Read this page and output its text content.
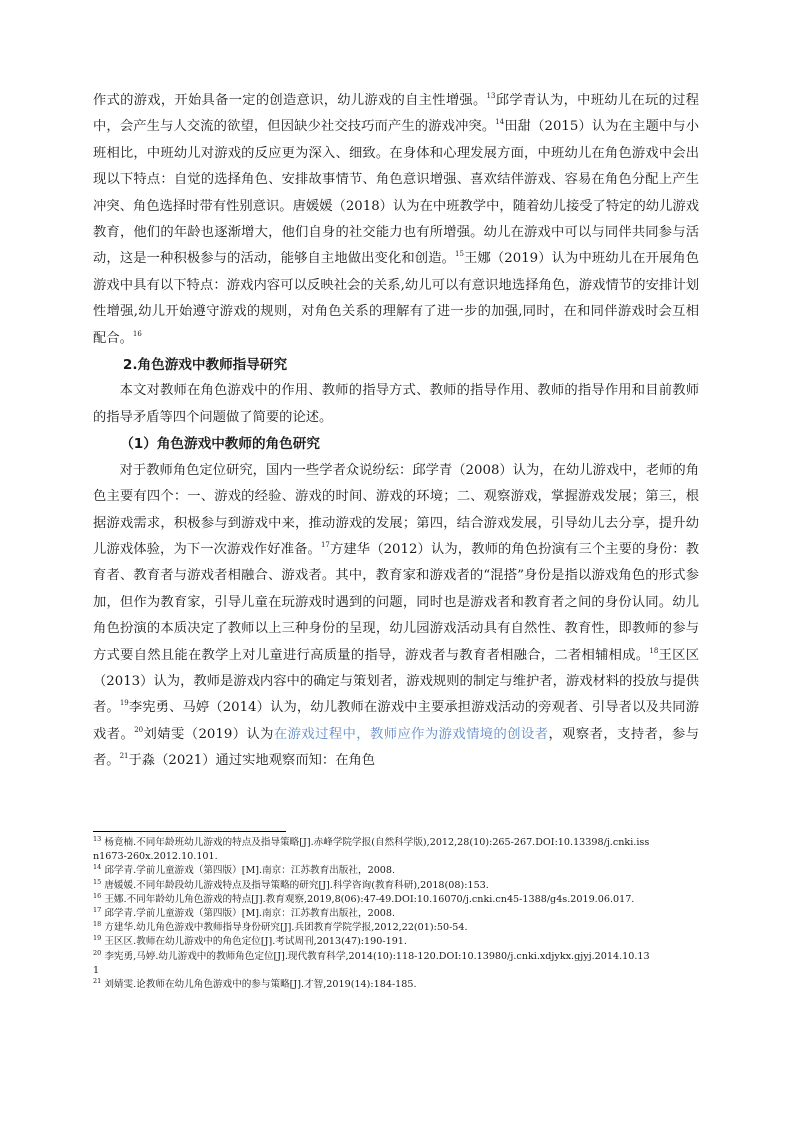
作式的游戏，开始具备一定的创造意识，幼儿游戏的自主性增强。$^{13}$邱学青认为，中班幼儿在玩的过程中，会产生与人交流的欲望，但因缺少社交技巧而产生的游戏冲突。$^{14}$田甜（2015）认为在主题中与小班相比，中班幼儿对游戏的反应更为深入、细致。在身体和心理发展方面，中班幼儿在角色游戏中会出现以下特点：自觉的选择角色、安排故事情节、角色意识增强、喜欢结伴游戏、容易在角色分配上产生冲突、角色选择时带有性别意识。唐媛媛（2018）认为在中班教学中，随着幼儿接受了特定的幼儿游戏教育，他们的年龄也逐渐增大，他们自身的社交能力也有所增强。幼儿在游戏中可以与同伴共同参与活动，这是一种积极参与的活动，能够自主地做出变化和创造。$^{15}$王娜（2019）认为中班幼儿在开展角色游戏中具有以下特点：游戏内容可以反映社会的关系,幼儿可以有意识地选择角色，游戏情节的安排计划性增强,幼儿开始遵守游戏的规则，对角色关系的理解有了进一步的加强,同时，在和同伴游戏时会互相配合。$^{16}$

2.角色游戏中教师指导研究

本文对教师在角色游戏中的作用、教师的指导方式、教师的指导作用、教师的指导作用和目前教师的指导矛盾等四个问题做了简要的论述。

（1）角色游戏中教师的角色研究

对于教师角色定位研究，国内一些学者众说纷纭：邱学青（2008）认为，在幼儿游戏中，老师的角色主要有四个：一、游戏的经验、游戏的时间、游戏的环境；二、观察游戏，掌握游戏发展；第三，根据游戏需求，积极参与到游戏中来，推动游戏的发展；第四，结合游戏发展，引导幼儿去分享，提升幼儿游戏体验，为下一次游戏作好准备。$^{17}$方建华（2012）认为，教师的角色扮演有三个主要的身份：教育者、教育者与游戏者相融合、游戏者。其中，教育家和游戏者的“混搭”身份是指以游戏角色的形式参加，但作为教育家，引导儿童在玩游戏时遇到的问题，同时也是游戏者和教育者之间的身份认同。幼儿角色扮演的本质决定了教师以上三种身份的呈现，幼儿园游戏活动具有自然性、教育性，即教师的参与方式要自然且能在教学上对儿童进行高质量的指导，游戏者与教育者相融合，二者相辅相成。$^{18}$王区区（2013）认为，教师是游戏内容中的确定与策划者，游戏规则的制定与维护者，游戏材料的投放与提供者。$^{19}$李宪勇、马婷（2014）认为，幼儿教师在游戏中主要承担游戏活动的旁观者、引导者以及共同游戏者。$^{20}$刘婧雯（2019）认为在游戏过程中，教师应作为游戏情境的创设者，观察者，支持者，参与者。$^{21}$于淼（2021）通过实地观察而知：在角色

$^{13}$ 杨竟楠.不同年龄班幼儿游戏的特点及指导策略[J].赤峰学院学报(自然科学版),2012,28(10):265-267.DOI:10.13398/j.cnki.issn1673-260x.2012.10.101.

$^{14}$ 邱学青.学前儿童游戏（第四版）[M].南京：江苏教育出版社，2008.

$^{15}$ 唐媛媛.不同年龄段幼儿游戏特点及指导策略的研究[J].科学咨询(教育科研),2018(08):153.

$^{16}$ 王娜.不同年龄幼儿角色游戏的特点[J].教育观察,2019,8(06):47-49.DOI:10.16070/j.cnki.cn45-1388/g4s.2019.06.017.

$^{17}$ 邱学青.学前儿童游戏（第四版）[M].南京：江苏教育出版社，2008.

$^{18}$ 方建华.幼儿角色游戏中教师指导身份研究[J].兵团教育学院学报,2012,22(01):50-54.

$^{19}$ 王区区.教师在幼儿游戏中的角色定位[J].考试周刊,2013(47):190-191.

$^{20}$ 李宪勇,马婷.幼儿游戏中的教师角色定位[J].现代教育科学,2014(10):118-120.DOI:10.13980/j.cnki.xdjykx.gjyj.2014.10.131

$^{21}$ 刘婧雯.论教师在幼儿角色游戏中的参与策略[J].才智,2019(14):184-185.
